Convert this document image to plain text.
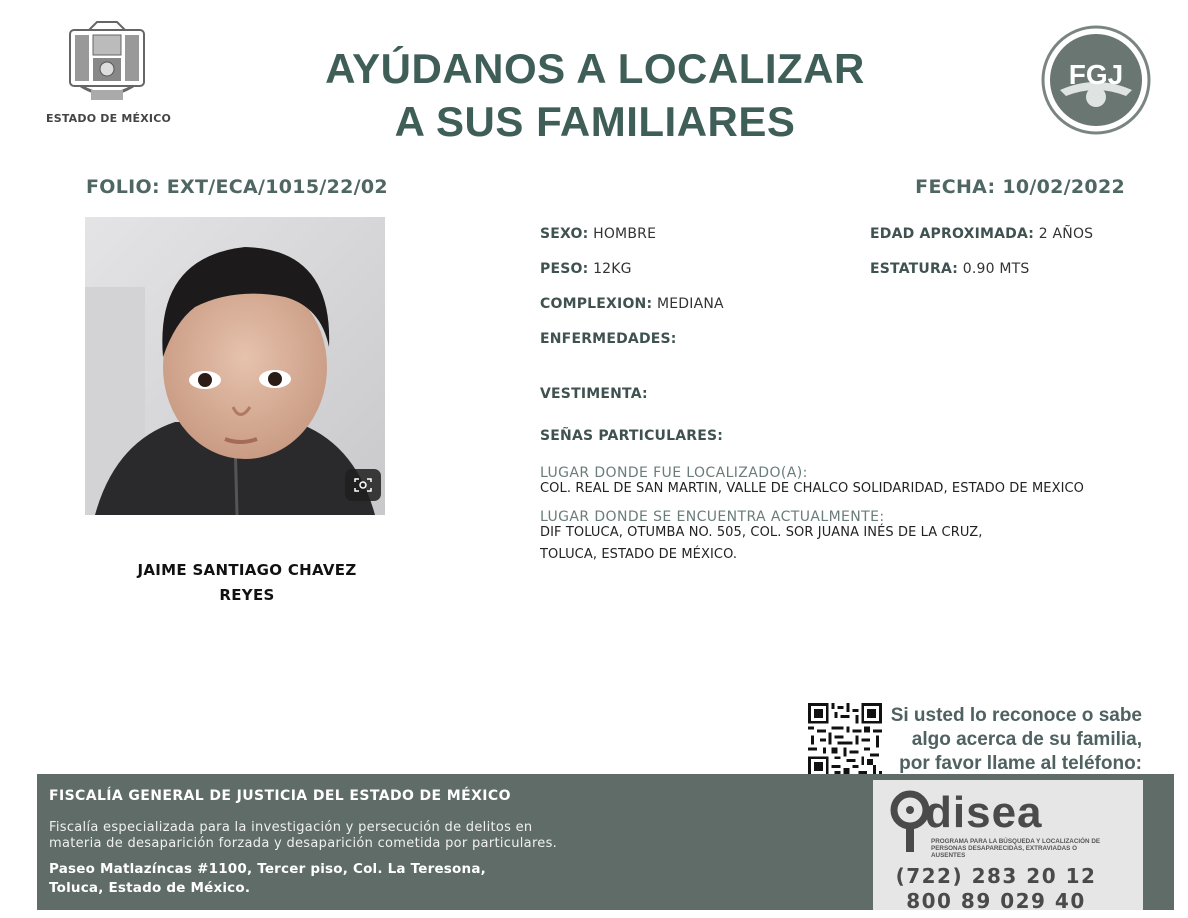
ESTADO DE MÉXICO
AYÚDANOS A LOCALIZAR
A SUS FAMILIARES
FGJ
FOLIO: EXT/ECA/1015/22/02	FECHA: 10/02/2022
JAIME SANTIAGO CHAVEZ
REYES
SEXO: HOMBRE	EDAD APROXIMADA: 2 AÑOS
PESO: 12KG	ESTATURA: 0.90 MTS
COMPLEXION: MEDIANA
ENFERMEDADES:
VESTIMENTA:
SEÑAS PARTICULARES:
LUGAR DONDE FUE LOCALIZADO(A):
COL. REAL DE SAN MARTIN, VALLE DE CHALCO SOLIDARIDAD, ESTADO DE MEXICO
LUGAR DONDE SE ENCUENTRA ACTUALMENTE:
DIF TOLUCA, OTUMBA NO. 505, COL. SOR JUANA INÉS DE LA CRUZ,
TOLUCA, ESTADO DE MÉXICO.
Si usted lo reconoce o sabe
algo acerca de su familia,
por favor llame al teléfono:
FISCALÍA GENERAL DE JUSTICIA DEL ESTADO DE MÉXICO
Fiscalía especializada para la investigación y persecución de delitos en
materia de desaparición forzada y desaparición cometida por particulares.
Paseo Matlazíncas #1100, Tercer piso, Col. La Teresona,
Toluca, Estado de México.
disea
PROGRAMA PARA LA BÚSQUEDA Y LOCALIZACIÓN DE PERSONAS DESAPARECIDAS, EXTRAVIADAS O AUSENTES
(722) 283 20 12
800 89 029 40
